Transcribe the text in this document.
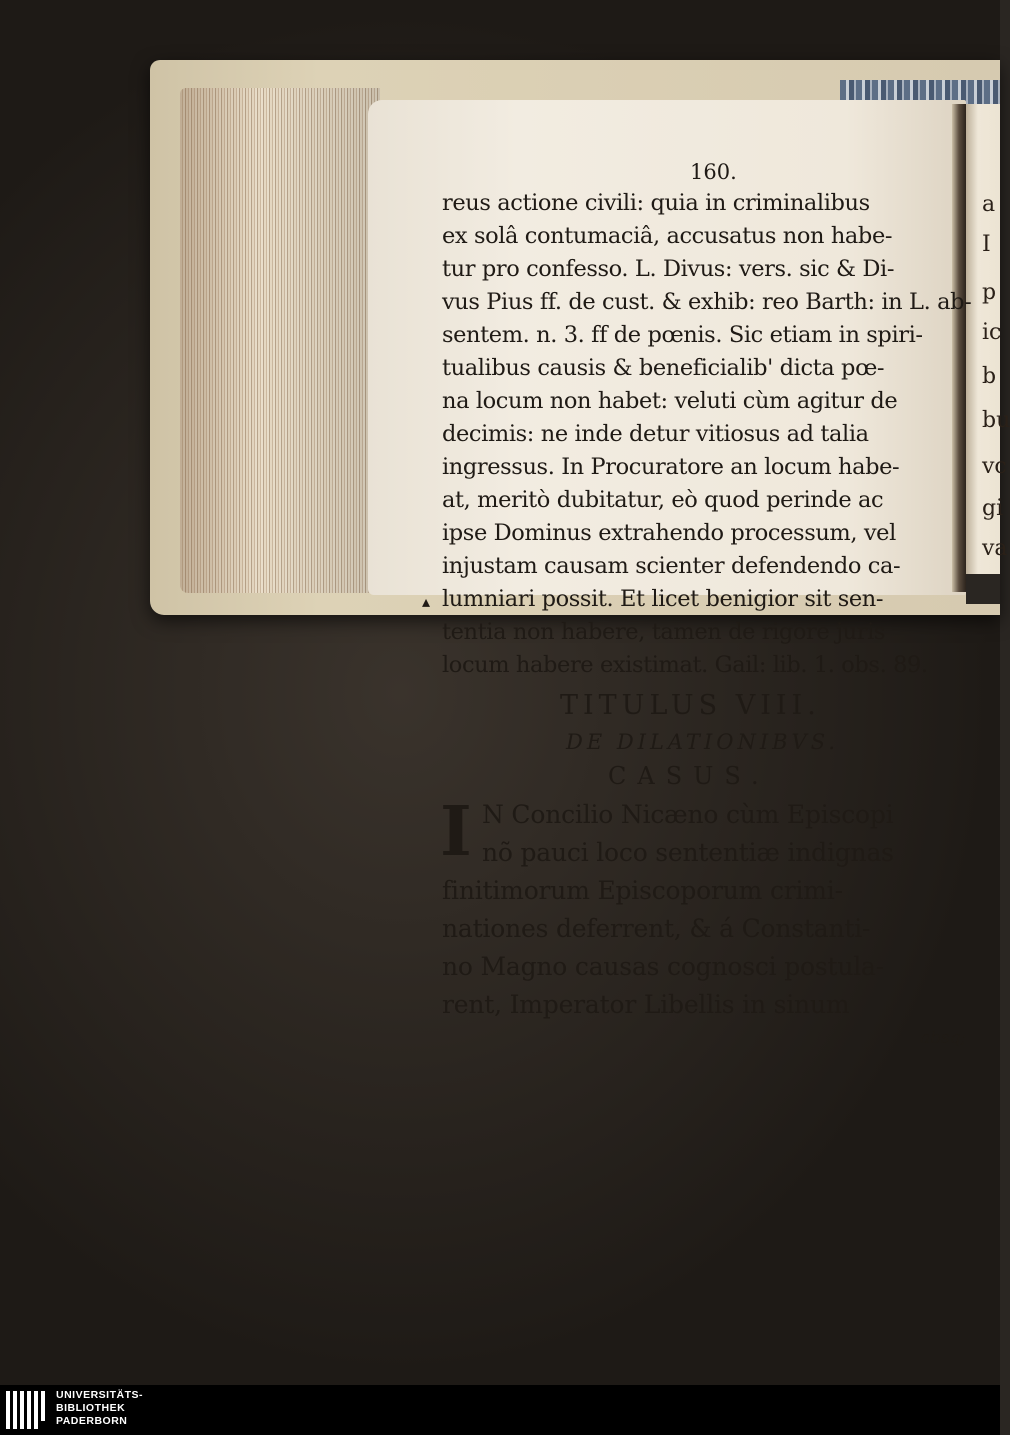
a
I
p
ic
b
bu
vc
gi
va
160.
reus actione civili: quia in criminalibus
ex solâ contumaciâ, accusatus non habe-
tur pro confesso. L. Divus: vers. sic & Di-
vus Pius ff. de cust. & exhib: reo Barth: in L. ab-
sentem. n. 3. ff de pœnis. Sic etiam in spiri-
tualibus causis & beneficialib' dicta pœ-
na locum non habet: veluti cùm agitur de
decimis: ne inde detur vitiosus ad talia
ingressus. In Procuratore an locum habe-
at, meritò dubitatur, eò quod perinde ac
ipse Dominus extrahendo processum, vel
injustam causam scienter defendendo ca-
▴ lumniari possit. Et licet benigior sit sen-
tentia non habere, tamen de rigore juris
locum habere existimat. Gail: lib. 1. obs. 89.
TITULUS VIII.
DE DILATIONIBVS.
CASUS.
I N Concilio Nicæno cùm Episcopi
nõ pauci loco sententiæ indignas
finitimorum Episcoporum crimi-
nationes deferrent, & á Constanti-
no Magno causas cognosci postula-
rent, Imperator Libellis in sinum
absq;
UNIVERSITÄTS-
BIBLIOTHEK
PADERBORN
